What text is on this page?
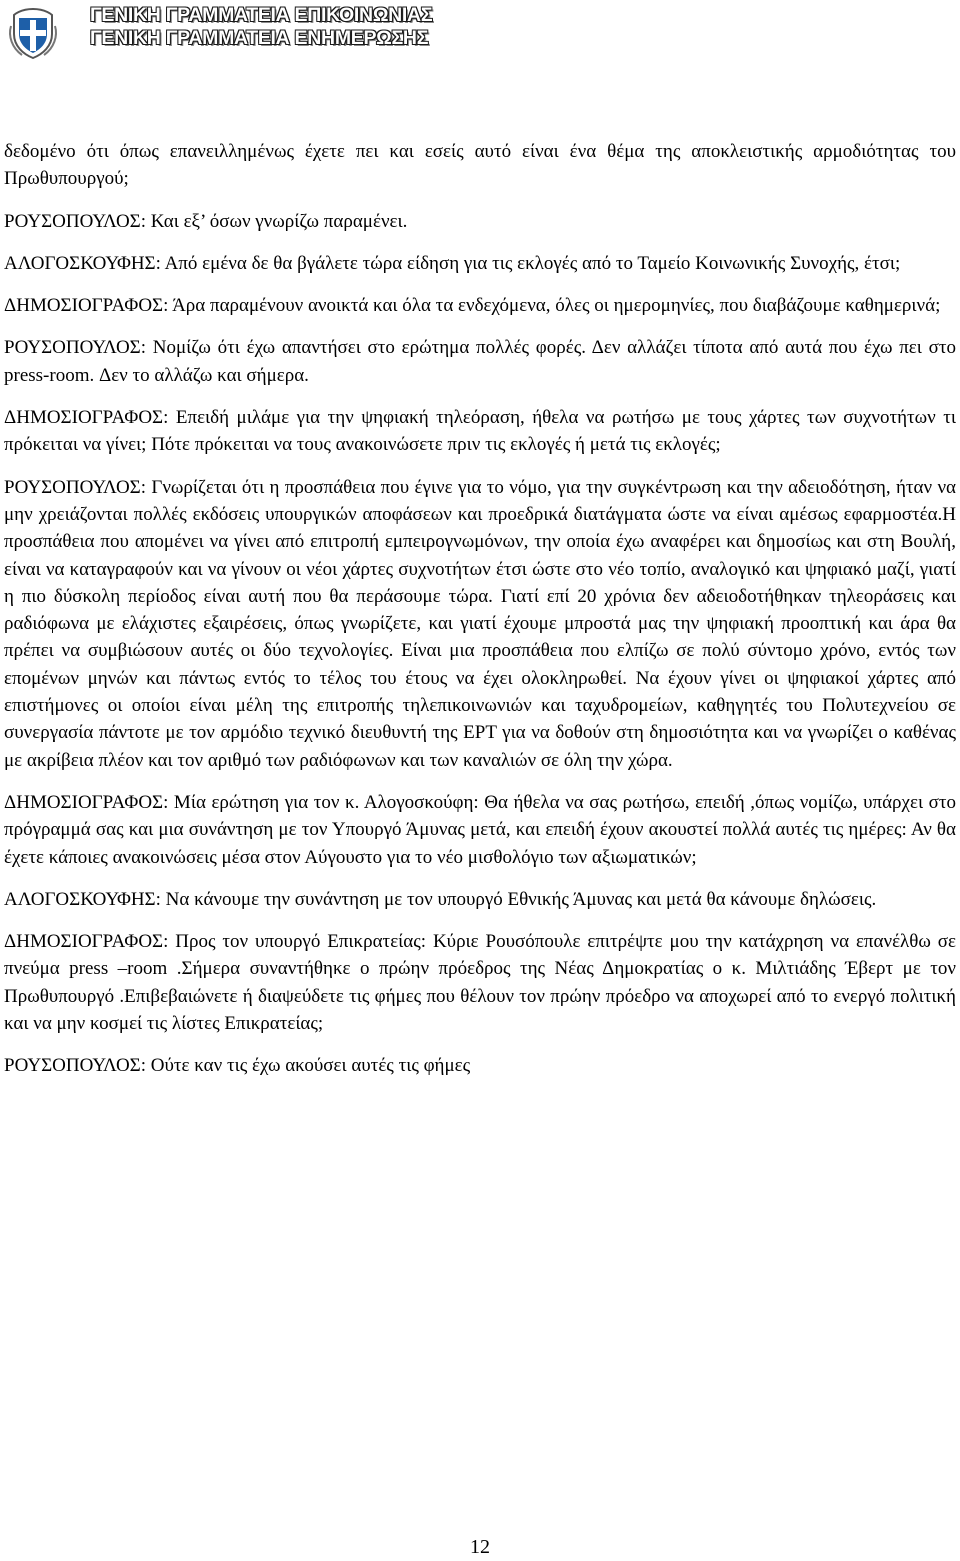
ΓΕΝΙΚΗ ΓΡΑΜΜΑΤΕΙΑ ΕΠΙΚΟΙΝΩΝΙΑΣ
ΓΕΝΙΚΗ ΓΡΑΜΜΑΤΕΙΑ ΕΝΗΜΕΡΩΣΗΣ

δεδομένο ότι όπως επανειλλημένως έχετε πει και εσείς αυτό είναι ένα θέμα της αποκλειστικής αρμοδιότητας του Πρωθυπουργού;

ΡΟΥΣΟΠΟΥΛΟΣ: Και εξ’ όσων γνωρίζω παραμένει.

ΑΛΟΓΟΣΚΟΥΦΗΣ: Από εμένα δε θα βγάλετε τώρα είδηση για τις εκλογές από το Ταμείο Κοινωνικής Συνοχής, έτσι;

ΔΗΜΟΣΙΟΓΡΑΦΟΣ: Άρα παραμένουν ανοικτά και όλα τα ενδεχόμενα, όλες οι ημερομηνίες, που διαβάζουμε καθημερινά;

ΡΟΥΣΟΠΟΥΛΟΣ: Νομίζω ότι έχω απαντήσει στο ερώτημα πολλές φορές. Δεν αλλάζει τίποτα από αυτά που έχω πει στο press-room. Δεν το αλλάζω και σήμερα.

ΔΗΜΟΣΙΟΓΡΑΦΟΣ: Επειδή μιλάμε για την ψηφιακή τηλεόραση, ήθελα να ρωτήσω με τους χάρτες των συχνοτήτων τι πρόκειται να γίνει; Πότε πρόκειται να τους ανακοινώσετε πριν τις εκλογές ή μετά τις εκλογές;

ΡΟΥΣΟΠΟΥΛΟΣ: Γνωρίζεται ότι η προσπάθεια που έγινε για το νόμο, για την συγκέντρωση και την αδειοδότηση, ήταν να μην χρειάζονται πολλές εκδόσεις υπουργικών αποφάσεων και προεδρικά διατάγματα ώστε να είναι αμέσως εφαρμοστέα.Η προσπάθεια που απομένει να γίνει από επιτροπή εμπειρογνωμόνων, την οποία έχω αναφέρει και δημοσίως και στη Βουλή, είναι να καταγραφούν και να γίνουν οι νέοι χάρτες συχνοτήτων έτσι ώστε στο νέο τοπίο, αναλογικό και ψηφιακό μαζί, γιατί η πιο δύσκολη περίοδος είναι αυτή που θα περάσουμε τώρα. Γιατί επί 20 χρόνια δεν αδειοδοτήθηκαν τηλεοράσεις και ραδιόφωνα με ελάχιστες εξαιρέσεις, όπως γνωρίζετε, και γιατί έχουμε μπροστά μας την ψηφιακή προοπτική και άρα θα πρέπει να συμβιώσουν αυτές οι δύο τεχνολογίες. Είναι μια προσπάθεια που ελπίζω σε πολύ σύντομο χρόνο, εντός των επομένων μηνών και πάντως εντός το τέλος του έτους να έχει ολοκληρωθεί. Να έχουν γίνει οι ψηφιακοί χάρτες από επιστήμονες οι οποίοι είναι μέλη της επιτροπής τηλεπικοινωνιών και ταχυδρομείων, καθηγητές του Πολυτεχνείου σε συνεργασία πάντοτε με τον αρμόδιο τεχνικό διευθυντή της ΕΡΤ για να δοθούν στη δημοσιότητα και να γνωρίζει ο καθένας με ακρίβεια πλέον και τον αριθμό των ραδιόφωνων και των καναλιών σε όλη την χώρα.

ΔΗΜΟΣΙΟΓΡΑΦΟΣ: Μία ερώτηση για τον κ. Αλογοσκούφη: Θα ήθελα να σας ρωτήσω, επειδή ,όπως νομίζω, υπάρχει στο πρόγραμμά σας και μια συνάντηση με τον Υπουργό Άμυνας μετά, και επειδή έχουν ακουστεί πολλά αυτές τις ημέρες: Αν θα έχετε κάποιες ανακοινώσεις μέσα στον Αύγουστο για το νέο μισθολόγιο των αξιωματικών;

ΑΛΟΓΟΣΚΟΥΦΗΣ: Να κάνουμε την συνάντηση με τον υπουργό Εθνικής Άμυνας και μετά θα κάνουμε δηλώσεις.

ΔΗΜΟΣΙΟΓΡΑΦΟΣ: Προς τον υπουργό Επικρατείας: Κύριε Ρουσόπουλε επιτρέψτε μου την κατάχρηση να επανέλθω σε πνεύμα press –room .Σήμερα συναντήθηκε ο πρώην πρόεδρος της Νέας Δημοκρατίας ο κ. Μιλτιάδης Έβερτ με τον Πρωθυπουργό .Επιβεβαιώνετε ή διαψεύδετε τις φήμες που θέλουν τον πρώην πρόεδρο να αποχωρεί από το ενεργό πολιτική και να μην κοσμεί τις λίστες Επικρατείας;

ΡΟΥΣΟΠΟΥΛΟΣ: Ούτε καν τις έχω ακούσει αυτές τις φήμες

12
